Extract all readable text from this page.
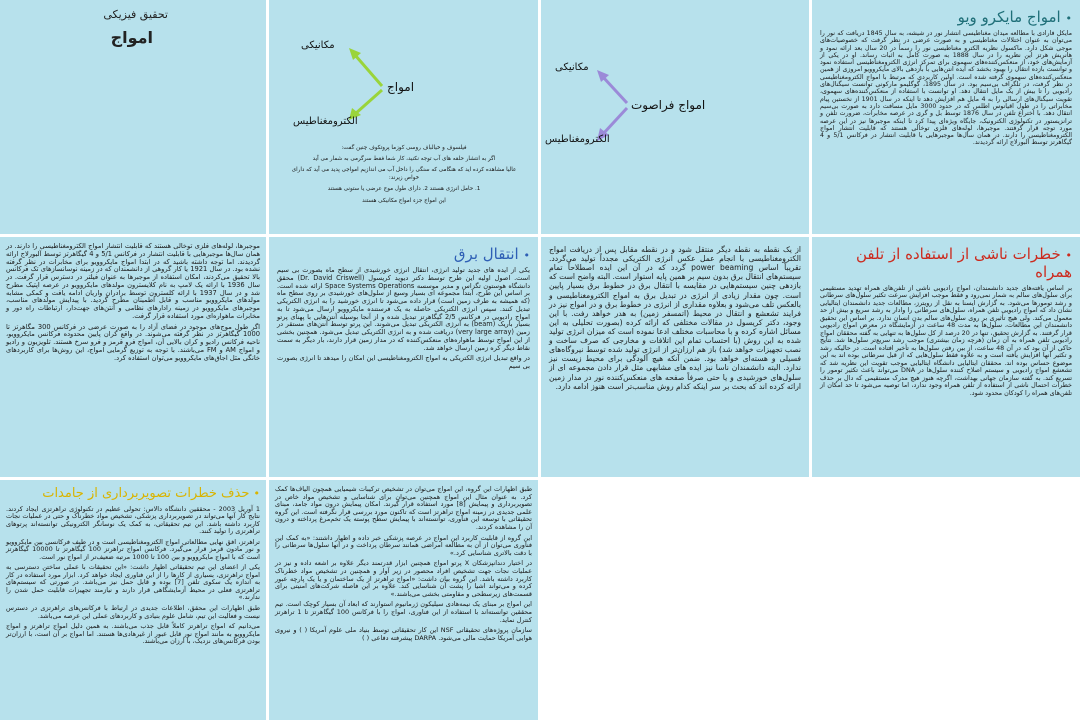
تحقیق فیزیکی
امواج	مکانیکی
امواج
الکترومغناطیس

فیلسوف و خیالباف روسی کوزما پروتکوف چنین گفت:

اگر به انتشار حلقه های آب توجه نکنید، کار شما فقط سرگرمی به شمار می آید

عالیا مشاهده کرده اید که هنگامی که سنگی را داخل آب می اندازیم امواجی پدید می آید که دارای خواص زیرند:

1. حامل انرژی هستند 2. دارای طول موج عرضی یا ستونی هستند

این امواج جزء امواج مکانیکی هستند

مکانیکی
امواج فراصوت
الکترومغناطیس
• امواج مایکرو ویو
مایکل فارادی با مطالعه میدان مغناطیسی انتشار نور در شیشه، به سال 1845 دریافت که نور را می‌توان به عنوان اختلالات مغناطیسی و به صورت عرضی در نظر گرفت که خصوصیات‌های موجی شکل دارد. ماکسول نظریه الکترو مغناطیسی نور را رسماً در 20 سال بعد ارائه نمود و هانریش هرتز این نظریه را در سال 1888 به صورت کامل به اثبات رساند. او در یکی از آزمایش‌های خود، از منعکس‌کننده‌های سهموی برای تمرکز انرژی الکترومغناطیسی استفاده نمود و توانست بازده انتقال را بهبود بخشد که ایده انتن‌هایی با بازدهی بالای مایکروویو امروزی از همین منعکس‌کننده‌های سهموی گرفته شده است. اولین کاربردی که مرتبط با امواج الکترومغناطیسی در نظر گرفت، در تلگراف بی‌سیم بود. در سال 1895، گوگلیمو مارکونی توانست سیگنال‌های رادیویی را تا بیش از یک مایل انتقال دهد. او توانست با استفاده از منعکس‌کننده‌های سهموی، تقویت سیگنال‌های ارسالی را به 4 مایل هم افزایش دهد تا اینکه در سال 1901 از نخستین پیام مخابراتی را در طول اقیانوس اطلس که در حدود 3000 مایل مسافت دارد به صورت بی‌سیم انتقال دهد. با اختراع تلفن در سال 1876 توسط بل و گری در عرصه مخابرات، ضرورت تلفن و ترانزیستور در تکنولوژی الکترونیک، جایگاه ویژه‌ای پیدا کرد تا اینکه موجبرها نیز در این عرصه مورد توجه قرار گرفتند. موجبرها، لوله‌های فلزی توخالی هستند که قابلیت انتشار امواج الکترومغناطیسی را دارند. در همان سال‌ها موجبرهایی با قابلیت انتشار در فرکانس 5/1 و 4 گیگاهرتز توسط آلبورلاج ارائه گردیدند.

موجبرها، لوله‌های فلزی توخالی هستند که قابلیت انتشار امواج الکترومغناطیسی را دارند. در همان سال‌ها موجبرهایی با قابلیت انتشار در فرکانس 5/1 و 4 گیگاهرتز توسط آلبورلاج ارائه گردیدند. اما توجه داشته باشید که در ابتدا امواج مایکروویو برای مخابرات در نظر گرفته نشده بود. در سال 1921 یا کار گروهی از دانشمندان که در زمینه نوسانسازهای تک فرکانس بالا تحقیق می‌کردند، امکان استفاده از موجبرها به عنوان فیلتر در دسترس قرار گرفت. در سال 1936 با ارائه یک لامپ به نام کلایسترون مولدهای مایکروویو در عرصه اپتیک مطرح شد و در سال 1937 با ارائه کلسترون توسط برادران واریان ادامه یافت و کمکی مشابه مولدهای مایکروویو مناسب و قابل اطمینان مطرح گردید. با پیدایش مولدهای مناسب، موجبرهای مایکروویو در زمینه رادارهای نظامی و آنتن‌های جهت‌دار، ارتباطات راه دور و مخابرات ماهواره‌ای مورد استفاده قرار گرفت.

اگر طول موج‌های موجود در فضای آزاد را به صورت عرضی در فرکانس 300 مگاهرتز تا 1000 گیگاهرتز در نظر گرفته می‌شوند. در واقع کران پایین محدوده فرکانس مایکروویو، ناحیه فرکانس رادیو و کران بالایی آن، امواج فرو قرمز و فرو سرخ هستند. تلویزیون و رادیو و امواج AM و FM می‌باشند. با توجه به توزیع گرمایی امواج، این روش‌ها برای کاربردهای خانگی مثل اجاق‌های مایکروویو می‌توان استفاده کرد.

• انتقال برق

یکی از ایده های جدید تولید انرژی، انتقال انرژی خورشیدی از سطح ماه بصورت بی سیم است. اصول اولیه این طرح توسط دکتر دیوید کریسول (Dr. David Criswell) محقق دانشگاه هوستون تگزاس و مدیر موسسه Space Systems Operations ارائه شده است. بر اساس این طرح، ابتدا مجموعه ای بسیار وسیع از سلول‌های خورشیدی بر روی سطح ماه (که همیشه به طرف زمین است) قرار داده می‌شود تا انرژی خورشید را به انرژی الکتریکی تبدیل کنند. سپس انرژی الکتریکی حاصله به یک فرستنده مایکروویو ارسال می‌شود تا به امواج رادیویی در فرکانس 2/5 گیگاهرتز تبدیل شده و از آنجا بوسیله آنتن‌هایی با پهنای پرتو بسیار باریک (beam) به انرژی الکتریکی تبدیل می‌شوند. این پرتو توسط آنتن‌های مستقر در زمین (very large array) دریافت شده و به انرژی الکتریکی تبدیل می‌شود. همچنین بخشی از این امواج توسط ماهواره‌های منعکس‌کننده که در مدار زمین قرار دارند، بار دیگر به سمت نقاط دیگر کره زمین ارسال خواهد شد.

در واقع تبدیل انرژی الکتریکی به امواج الکترومغناطیسی این امکان را میدهد تا انرژی بصورت بی سیم

از یک نقطه به نقطه دیگر منتقل شود و در نقطه مقابل پس از دریافت امواج الکترومغناطیسی با انجام عمل عکس انرژی الکتریکی مجدداً تولید می‌گردد. تقریباً اساس power beaming گردد که در آن این ایده اصطلاحاً تمام سیستم‌های انتقال برق بدون سیم بر همین پایه استوار است. البته واضح است که بازدهی چنین سیستم‌هایی در مقایسه با انتقال برق در خطوط برق بسیار پایین است. چون مقدار زیادی از انرژی در تبدیل برق به امواج الکترومغناطیسی و بالعکس تلف می‌شود و بعلاوه مقداری از انرژی در خطوط برق و در امواج نیز در فرایند تشعشع و انتقال در محیط (اتمسفر زمین) به هدر خواهد رفت. با این وجود، دکتر کریسول در مقالات مختلفی که ارائه کرده (بصورت تحلیلی به این مسائل اشاره کرده و با محاسبات مختلف ادعا نموده است که میزان انرژی تولید شده به این روش (با احتساب تمام این اتلافات و مخارجی که صرف ساخت و نصب تجهیزات خواهد شد) باز هم ارزان‌تر از انرژی تولید شده توسط نیروگاه‌های فسیلی و هسته‌ای خواهد بود. ضمن آنکه هیچ آلودگی برای محیط زیست نیز ندارد. البته دانشمندان ناسا نیز ایده های مشابهی مثل قرار دادن مجموعه ای از سلول‌های خورشیدی و یا حتی صرفاً صفحه های منعکس‌کننده نور در مدار زمین ارائه کرده اند که بحث بر سر اینکه کدام روش مناسب‌تر است هنوز ادامه دارد.
• خطرات ناشی از استفاده از تلفن همراه
بر اساس یافته‌های جدید دانشمندان، امواج رادیویی ناشی از تلفن‌های همراه تهدید مستقیمی برای سلول‌های سالم به شمار نمی‌رود و فقط موجب افزایش سرعت تکثیر سلول‌های سرطانی و رشد تومورها می‌شود. به گزارش ایسنا به نقل از رویترز، مطالعات جدید دانشمندان ایتالیایی نشان داد که امواج رادیویی تلفن همراه، سلول‌های سرطانی را وادار به رشد سریع و بیش از حد معمول می‌کند. ولی هیچ تأثیری بر روی سلول‌های سالم بدن انسان ندارد. بر اساس این تحقیق دانشمندان این مطالعات، سلول‌ها به مدت 48 ساعت در آزمایشگاه در معرض امواج رادیویی قرار گرفتند. به گزارش تحقیق، تنها در 20 درصد از کل سلول‌ها به تنهایی به گفته محققان امواج رادیویی تلفن همراه به آن زمان (هرچه زمان بیشتری) موجب رشد سریع‌تر سلول‌ها شد. نتایج حاکی از آن بود که در آن 48 ساعت، از بین رفتن سلول‌ها به تأخیر افتاده است. در حالیکه رشد و تکثیر آنها افزایش یافته است و به علاوه فقط سلول‌هایی که از قبل سرطانی بوده اند به این موضوع حساس بوده اند. محققان ایتالیایی دانشگاه ایتالیایی موجب تقویت این نظریه شد که تشعشع امواج رادیویی و سیستم اصلاح کننده سلول‌ها در DNA می‌تواند باعث تکثیر تومور را تسریع کند. به گفته سازمان جهانی بهداشت، اگرچه هنوز هیچ مدرک مستقیمی که دال بر حذف خطرات احتمال ناشی از استفاده از تلفن همراه وجود ندارد، اما توصیه می‌شود تا حد امکان از تلفن‌های همراه را کودکان محدود شود.
• حذف خطرات تصویربرداری از جامدات

1 آوریل 2003 - محققین دانشگاه دالاس: تحولی عظیم در تکنولوژی تراهرتزی ایجاد کردند. نتایج کار آنها می‌تواند در تصویربرداری پزشکی، تشخیص مواد خطرناک و حتی در عملیات نجات کاربرد داشته باشد. این تیم تحقیقاتی، به کمک یک نوسانگر الکترونیکی توانسته‌اند پرتوهای تراهرتزی را تولید کنند.

تراهرتز، افق نهایی مطالعاتی امواج الکترومغناطیسی است و در طیف فرکانسی بین مایکروویو و نور مادون قرمز قرار می‌گیرد. فرکانس امواج تراهرتز 100 گیگاهرتز تا 10000 گیگاهرتز است که با امواج مایکروویو و بین 100 تا 1000 مرتبه ضعیف‌تر از امواج نور است.

یکی از اعضای این تیم تحقیقاتی اظهار داشت: «این تحقیقات با عملی ساختن دسترسی به امواج تراهرتزی، بسیاری از کارها را از این فناوری ایجاد خواهد کرد. ابزار مورد استفاده در کار به اندازه یک سکوی تلفن [7] بوده و قابل حمل نیز می‌باشد. در صورتی که سیستم‌های تراهرتزی فعلی در محیط آزمایشگاهی قرار دارند و نیازمند تجهیزات قابلیت حمل شدن را ندارند.»

طبق اظهارات این محقق، اطلاعات جدیدی در ارتباط با فرکانس‌های تراهرتزی در دسترس نیست و فعالیت این تیم، شامل علوم بنیادی و کاربردهای عملی این عرصه می‌باشد.

می‌دانیم که امواج تراهرتز کاملاً قابل جذب می‌باشند. به همین دلیل امواج تراهرتز و امواج مایکروویو به مانند امواج نور قابل عبور از غیرهادی‌ها هستند. اما امواج بر آن است، با ارزان‌تر بودن فرکانس‌های نزدیک، با ارزان می‌باشند.

طبق اظهارات این گروه، این امواج می‌توان در تشخیص ترکیبات شیمیایی همچون الیاف‌ها کمک کرد. به عنوان مثال این امواج همچنین می‌توان برای شناسایی و تشخیص مواد خاص در تصویربرداری و پیمایش [8] مورد استفاده قرار گیرند. امکان پیمایش درون مواد جامد، مبنای علمی جدیدی در زمینه امواج تراهرتز است که تاکنون مورد بررسی قرار نگرفته است. این گروه تحقیقاتی با توسعه این فناوری، توانسته‌اند با پیمایش سطح پوسته یک تخم‌مرغ پرداخته و درون آن را مشاهده کردند.

این گروه از قابلیت کاربرد این امواج در عرصه پزشکی خبر داده و اظهار داشتند: «به کمک این فناوری می‌توان از آن به مطالعه امراضی همانند سرطان پرداخت و در آنها سلول‌ها سرطانی را با دقت بالاتری شناسایی کرد.»

در اختیار دندانپزشکان X پرتو امواج همچنین ابزار قدرتمند دیگر علاوه بر اشعه داده و نیز در عملیات نجات جهت تشخیص افراد محصور در زیر آوار و همچنین در تشخیص مواد خطرناک کاربرد داشته باشد. این گروه بیان داشت: «امواج تراهرتز از یک ساختمان و یا یک پارچه عبور کرده و می‌تواند اشیا را پشت آن شناسایی کند. علاوه بر این فاصله شرکت‌های امنیتی برای قسمت‌های زیرسطحی و مقاومتی بخشی می‌باشند.»

این امواج بر مبنای یک نیمه‌هادی سیلیکون ژرمانیوم استوارند که ابعاد آن بسیار کوچک است. تیم محققین توانسته‌اند با استفاده از این فناوری، امواج را با فرکانس 100 گیگاهرتز تا 1 تراهرتز کنترل نماید.

سازمان پروژه‌های تحقیقاتی NSF این کار تحقیقاتی توسط بنیاد ملی علوم آمریکا ( ) و نیروی هوایی آمریکا حمایت مالی می‌شود. DARPA پیشرفته دفاعی ( )
